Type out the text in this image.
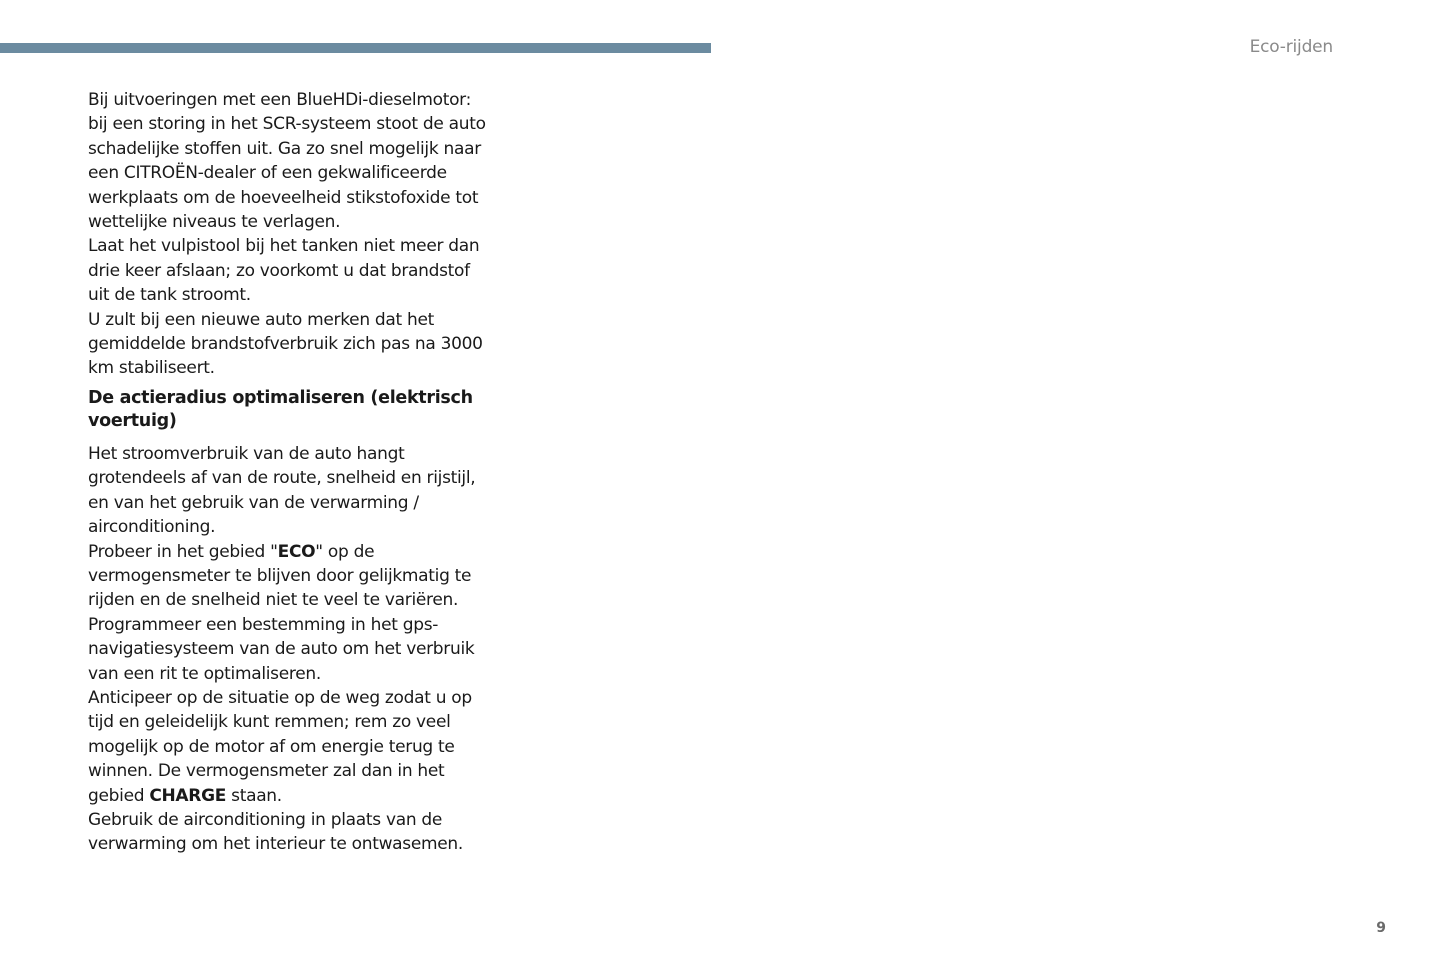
Eco-rijden

Bij uitvoeringen met een BlueHDi-dieselmotor:

bij een storing in het SCR-systeem stoot de auto schadelijke stoffen uit. Ga zo snel mogelijk naar een CITROËN-dealer of een gekwalificeerde werkplaats om de hoeveelheid stikstofoxide tot wettelijke niveaus te verlagen.

Laat het vulpistool bij het tanken niet meer dan drie keer afslaan; zo voorkomt u dat brandstof uit de tank stroomt.

U zult bij een nieuwe auto merken dat het gemiddelde brandstofverbruik zich pas na 3000 km stabiliseert.

De actieradius optimaliseren (elektrisch voertuig)

Het stroomverbruik van de auto hangt grotendeels af van de route, snelheid en rijstijl, en van het gebruik van de verwarming / airconditioning.

Probeer in het gebied "ECO" op de vermogensmeter te blijven door gelijkmatig te rijden en de snelheid niet te veel te variëren.

Programmeer een bestemming in het gps-navigatiesysteem van de auto om het verbruik van een rit te optimaliseren.

Anticipeer op de situatie op de weg zodat u op tijd en geleidelijk kunt remmen; rem zo veel mogelijk op de motor af om energie terug te winnen. De vermogensmeter zal dan in het gebied CHARGE staan.

Gebruik de airconditioning in plaats van de verwarming om het interieur te ontwasemen.

9
